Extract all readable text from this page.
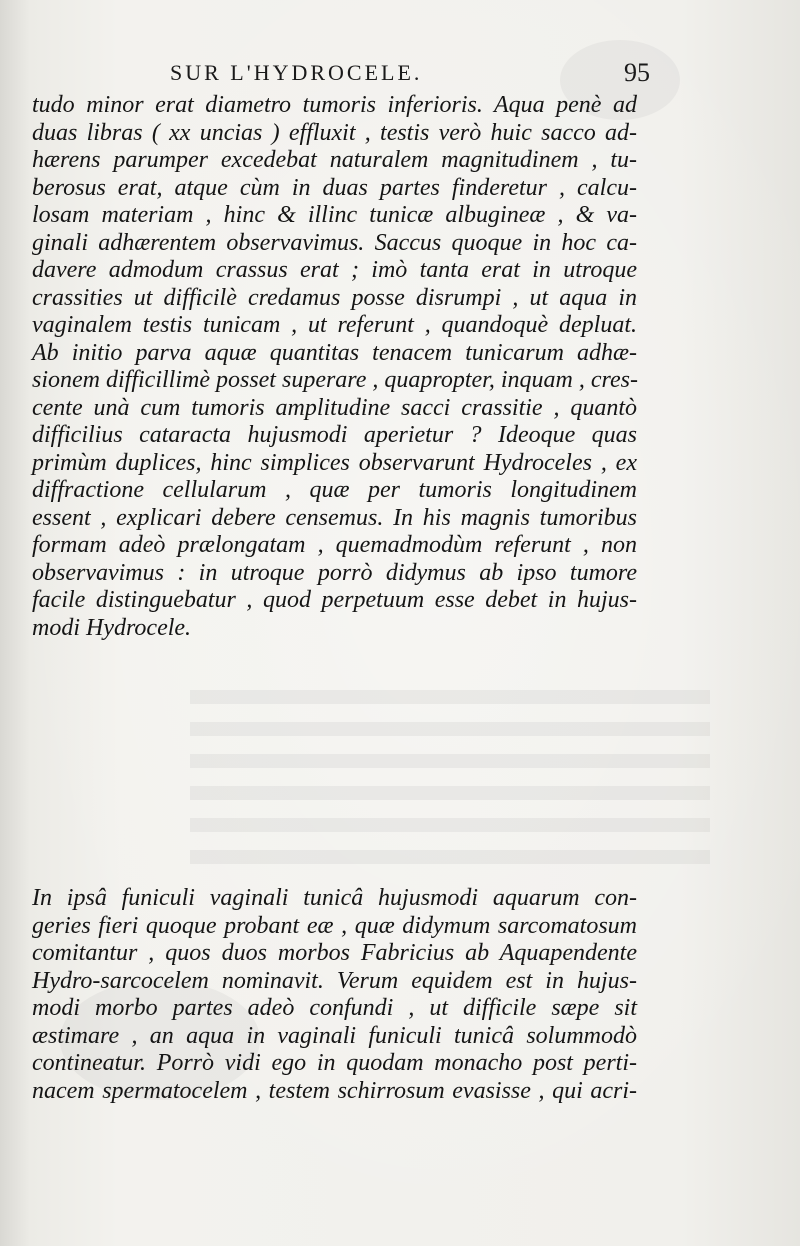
SUR L'HYDROCELE.	95
tudo minor erat diametro tumoris inferioris. Aqua penè ad
duas libras ( xx uncias ) effluxit , testis verò huic sacco ad-
hærens parumper excedebat naturalem magnitudinem , tu-
berosus erat, atque cùm in duas partes finderetur , calcu-
losam materiam , hinc & illinc tunicæ albugineæ , & va-
ginali adhærentem observavimus. Saccus quoque in hoc ca-
davere admodum crassus erat ; imò tanta erat in utroque
crassities ut difficilè credamus posse disrumpi , ut aqua in
vaginalem testis tunicam , ut referunt , quandoquè depluat.
Ab initio parva aquæ quantitas tenacem tunicarum adhæ-
sionem difficillimè posset superare , quapropter, inquam , cres-
cente unà cum tumoris amplitudine sacci crassitie , quantò
difficilius cataracta hujusmodi aperietur ? Ideoque quas
primùm duplices, hinc simplices observarunt Hydroceles , ex
diffractione cellularum , quæ per tumoris longitudinem
essent , explicari debere censemus. In his magnis tumoribus
formam adeò prælongatam , quemadmodùm referunt , non
observavimus : in utroque porrò didymus ab ipso tumore
facile distinguebatur , quod perpetuum esse debet in hujus-
modi Hydrocele.
In ipsâ funiculi vaginali tunicâ hujusmodi aquarum con-
geries fieri quoque probant eæ , quæ didymum sarcomatosum
comitantur , quos duos morbos Fabricius ab Aquapendente
Hydro-sarcocelem nominavit. Verum equidem est in hujus-
modi morbo partes adeò confundi , ut difficile sæpe sit
æstimare , an aqua in vaginali funiculi tunicâ solummodò
contineatur. Porrò vidi ego in quodam monacho post perti-
nacem spermatocelem , testem schirrosum evasisse , qui acri-
